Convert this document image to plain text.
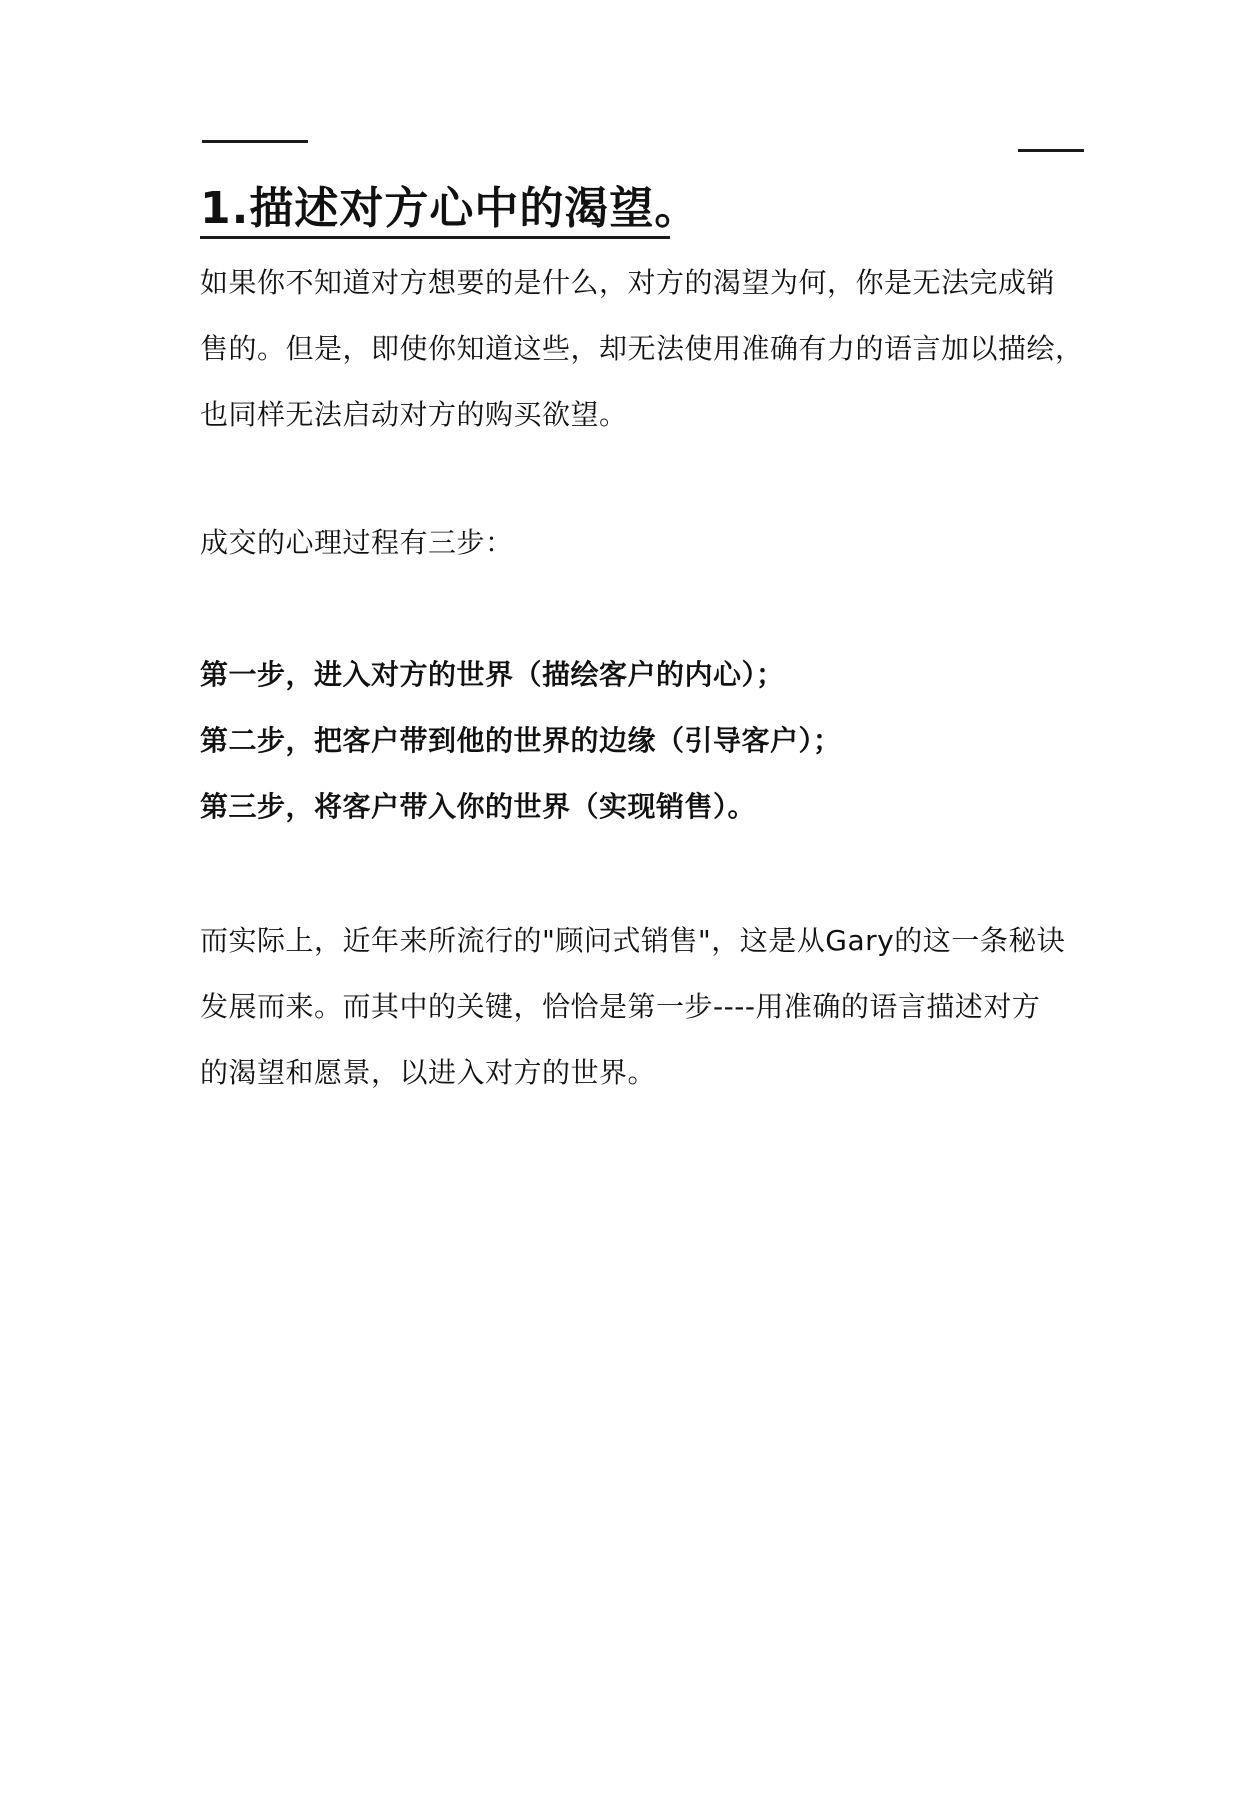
1.描述对方心中的渴望。
如果你不知道对方想要的是什么，对方的渴望为何，你是无法完成销
售的。但是，即使你知道这些，却无法使用准确有力的语言加以描绘，
也同样无法启动对方的购买欲望。
成交的心理过程有三步：
第一步，进入对方的世界（描绘客户的内心）；
第二步，把客户带到他的世界的边缘（引导客户）；
第三步，将客户带入你的世界（实现销售）。
而实际上，近年来所流行的"顾问式销售"，这是从Gary的这一条秘诀
发展而来。而其中的关键，恰恰是第一步----用准确的语言描述对方
的渴望和愿景，以进入对方的世界。
